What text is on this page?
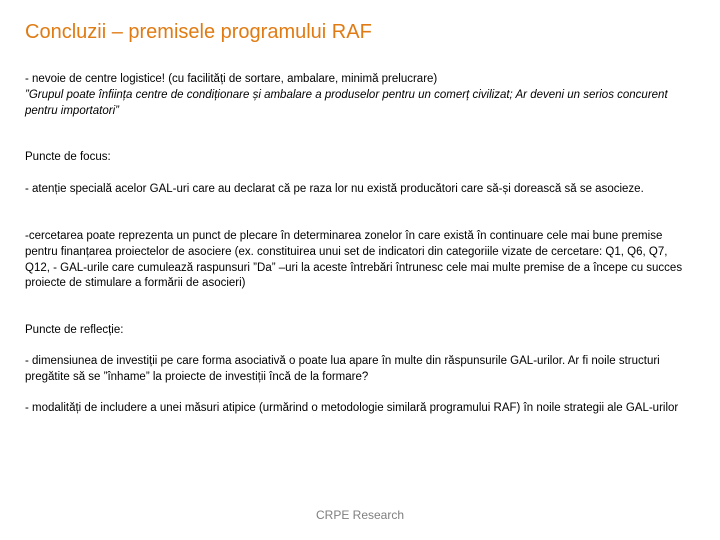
Concluzii – premisele programului RAF

- nevoie de centre logistice! (cu facilități de sortare, ambalare, minimă prelucrare)

”Grupul poate înființa centre de condiționare și ambalare a produselor pentru un comerț civilizat; Ar deveni un serios concurent pentru importatori”

Puncte de focus:

- atenție specială acelor GAL-uri care au declarat că pe raza lor nu există producători care să-și dorească să se asocieze.

-cercetarea poate reprezenta un punct de plecare în determinarea zonelor în care există în continuare cele mai bune premise pentru finanțarea proiectelor de asociere (ex. constituirea unui set de indicatori din categoriile vizate de cercetare: Q1, Q6, Q7, Q12, - GAL-urile care cumulează raspunsuri ”Da” –uri la aceste întrebări întrunesc cele mai multe premise de a începe cu succes proiecte de stimulare a formării de asocieri)

Puncte de reflecție:

- dimensiunea de investiții pe care forma asociativă o poate lua apare în multe din răspunsurile GAL-urilor. Ar fi noile structuri pregătite să se ”înhame” la proiecte de investiții încă de la formare?

- modalități de includere a unei măsuri atipice (urmărind o metodologie similară programului RAF) în noile strategii ale GAL-urilor

CRPE Research
